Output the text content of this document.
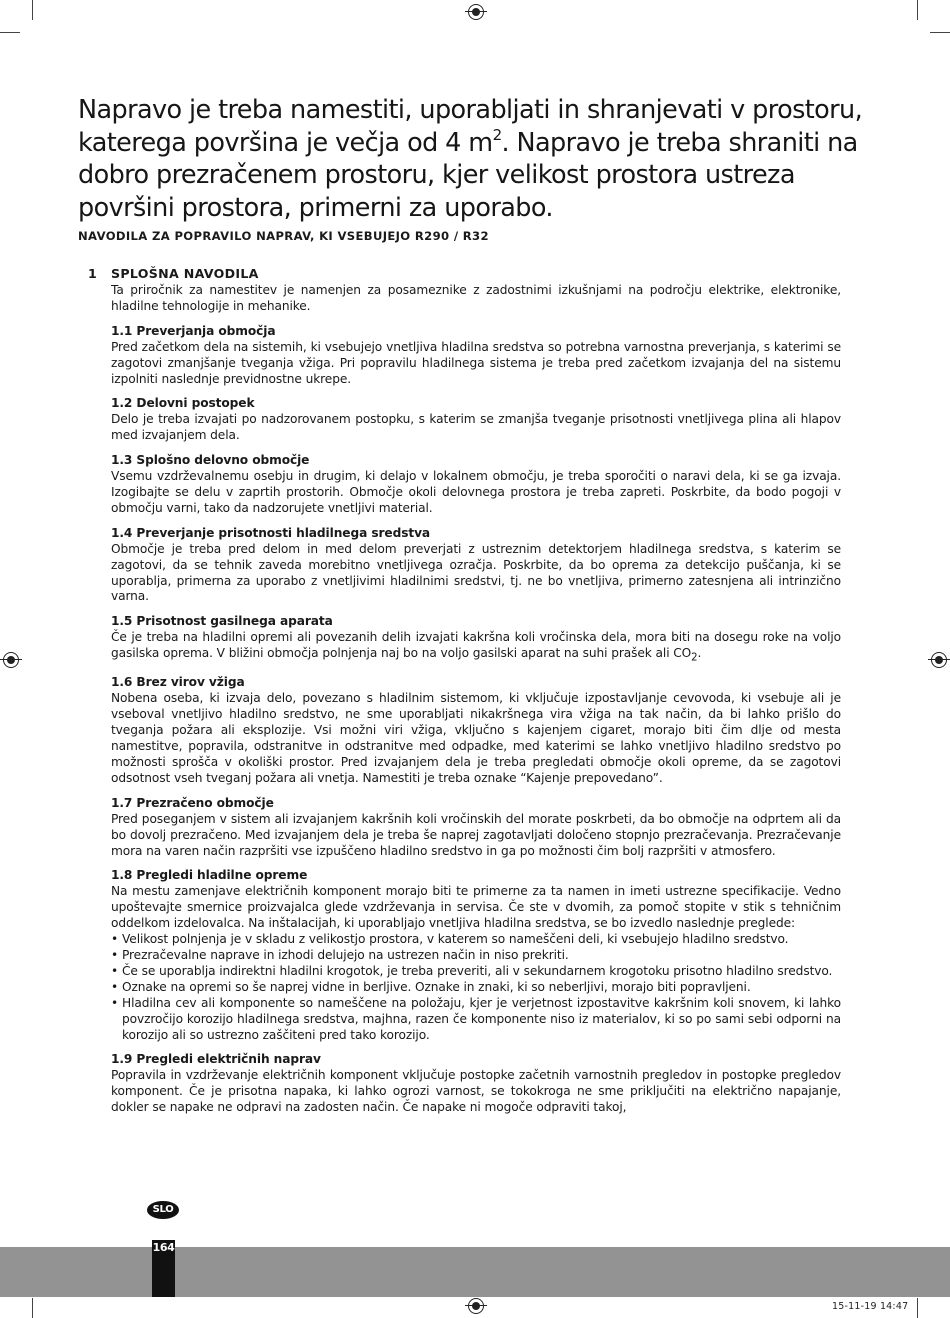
Napravo je treba namestiti, uporabljati in shranjevati v prostoru, katerega površina je večja od 4 $m^2$. Napravo je treba shraniti na dobro prezračenem prostoru, kjer velikost prostora ustreza površini prostora, primerni za uporabo.
NAVODILA ZA POPRAVILO NAPRAV, KI VSEBUJEJO R290 / R32
1 SPLOŠNA NAVODILA

Ta priročnik za namestitev je namenjen za posameznike z zadostnimi izkušnjami na področju elektrike, elektronike, hladilne tehnologije in mehanike.

1.1 Preverjanja območja

Pred začetkom dela na sistemih, ki vsebujejo vnetljiva hladilna sredstva so potrebna varnostna preverjanja, s katerimi se zagotovi zmanjšanje tveganja vžiga. Pri popravilu hladilnega sistema je treba pred začetkom izvajanja del na sistemu izpolniti naslednje previdnostne ukrepe.

1.2 Delovni postopek

Delo je treba izvajati po nadzorovanem postopku, s katerim se zmanjša tveganje prisotnosti vnetljivega plina ali hlapov med izvajanjem dela.

1.3 Splošno delovno območje

Vsemu vzdrževalnemu osebju in drugim, ki delajo v lokalnem območju, je treba sporočiti o naravi dela, ki se ga izvaja. Izogibajte se delu v zaprtih prostorih. Območje okoli delovnega prostora je treba zapreti. Poskrbite, da bodo pogoji v območju varni, tako da nadzorujete vnetljivi material.

1.4 Preverjanje prisotnosti hladilnega sredstva

Območje je treba pred delom in med delom preverjati z ustreznim detektorjem hladilnega sredstva, s katerim se zagotovi, da se tehnik zaveda morebitno vnetljivega ozračja. Poskrbite, da bo oprema za detekcijo puščanja, ki se uporablja, primerna za uporabo z vnetljivimi hladilnimi sredstvi, tj. ne bo vnetljiva, primerno zatesnjena ali intrinzično varna.

1.5 Prisotnost gasilnega aparata

Če je treba na hladilni opremi ali povezanih delih izvajati kakršna koli vročinska dela, mora biti na dosegu roke na voljo gasilska oprema. V bližini območja polnjenja naj bo na voljo gasilski aparat na suhi prašek ali $CO_2$.

1.6 Brez virov vžiga

Nobena oseba, ki izvaja delo, povezano s hladilnim sistemom, ki vključuje izpostavljanje cevovoda, ki vsebuje ali je vseboval vnetljivo hladilno sredstvo, ne sme uporabljati nikakršnega vira vžiga na tak način, da bi lahko prišlo do tveganja požara ali eksplozije. Vsi možni viri vžiga, vključno s kajenjem cigaret, morajo biti čim dlje od mesta namestitve, popravila, odstranitve in odstranitve med odpadke, med katerimi se lahko vnetljivo hladilno sredstvo po možnosti sprošča v okoliški prostor. Pred izvajanjem dela je treba pregledati območje okoli opreme, da se zagotovi odsotnost vseh tveganj požara ali vnetja. Namestiti je treba oznake “Kajenje prepovedano”.

1.7 Prezračeno območje

Pred poseganjem v sistem ali izvajanjem kakršnih koli vročinskih del morate poskrbeti, da bo območje na odprtem ali da bo dovolj prezračeno. Med izvajanjem dela je treba še naprej zagotavljati določeno stopnjo prezračevanja. Prezračevanje mora na varen način razpršiti vse izpuščeno hladilno sredstvo in ga po možnosti čim bolj razpršiti v atmosfero.

1.8 Pregledi hladilne opreme

Na mestu zamenjave električnih komponent morajo biti te primerne za ta namen in imeti ustrezne specifikacije. Vedno upoštevajte smernice proizvajalca glede vzdrževanja in servisa. Če ste v dvomih, za pomoč stopite v stik s tehničnim oddelkom izdelovalca. Na inštalacijah, ki uporabljajo vnetljiva hladilna sredstva, se bo izvedlo naslednje preglede:

• Velikost polnjenja je v skladu z velikostjo prostora, v katerem so nameščeni deli, ki vsebujejo hladilno sredstvo.
• Prezračevalne naprave in izhodi delujejo na ustrezen način in niso prekriti.
• Če se uporablja indirektni hladilni krogotok, je treba preveriti, ali v sekundarnem krogotoku prisotno hladilno sredstvo.
• Oznake na opremi so še naprej vidne in berljive. Oznake in znaki, ki so neberljivi, morajo biti popravljeni.
• Hladilna cev ali komponente so nameščene na položaju, kjer je verjetnost izpostavitve kakršnim koli snovem, ki lahko povzročijo korozijo hladilnega sredstva, majhna, razen če komponente niso iz materialov, ki so po sami sebi odporni na korozijo ali so ustrezno zaščiteni pred tako korozijo.
1.9 Pregledi električnih naprav

Popravila in vzdrževanje električnih komponent vključuje postopke začetnih varnostnih pregledov in postopke pregledov komponent. Če je prisotna napaka, ki lahko ogrozi varnost, se tokokroga ne sme priključiti na električno napajanje, dokler se napake ne odpravi na zadosten način. Če napake ni mogoče odpraviti takoj,

SLO
164
15-11-19 14:47
